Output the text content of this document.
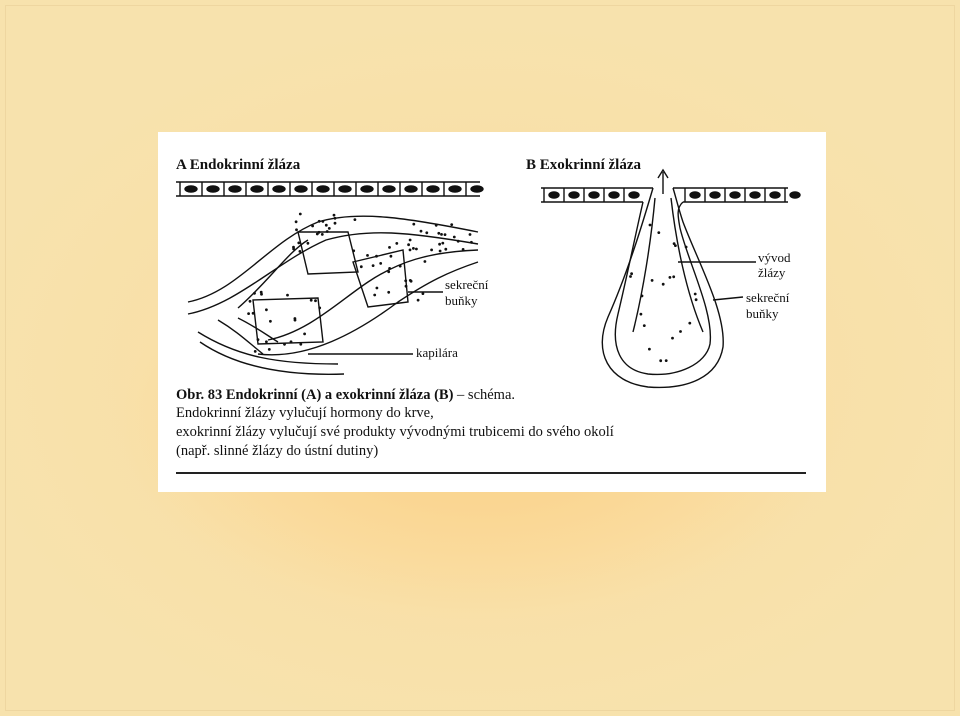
A Endokrinní žláza	B Exokrinní žláza
sekreční
buňky
kapilára
vývod
žlázy
sekreční
buňky
Obr. 83 Endokrinní (A) a exokrinní žláza (B) – schéma.
Endokrinní žlázy vylučují hormony do krve,
exokrinní žlázy vylučují své produkty vývodnými trubicemi do svého okolí
(např. slinné žlázy do ústní dutiny)
